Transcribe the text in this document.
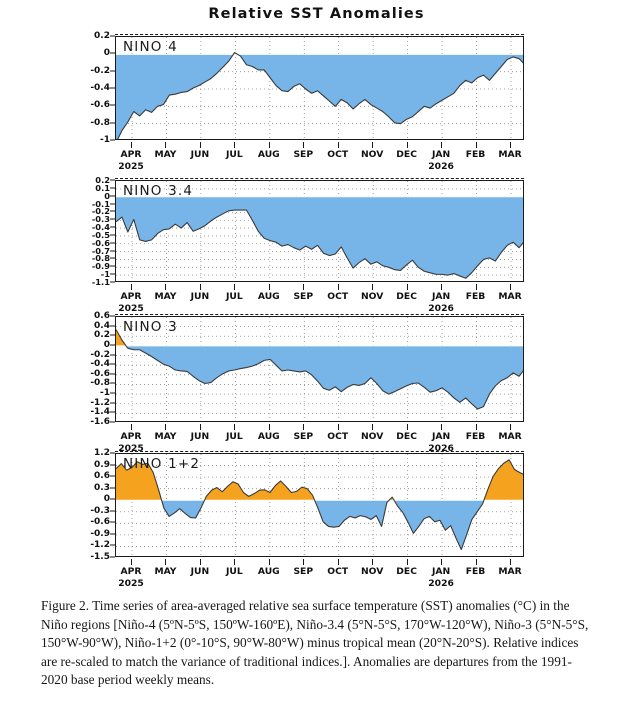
Relative SST Anomalies
NINO 4
0.2
0
-0.2
-0.4
-0.6
-0.8
-1
NINO 3.4
0.2
0.1
0
-0.1
-0.2
-0.3
-0.4
-0.5
-0.6
-0.7
-0.8
-0.9
-1
-1.1
NINO 3
0.6
0.4
0.2
0
-0.2
-0.4
-0.6
-0.8
-1
-1.2
-1.4
-1.6
NINO 1+2
1.2
0.9
0.6
0.3
0
-0.3
-0.6
-0.9
-1.2
-1.5
APR
2025
MAY JUN JUL AUG SEP OCT NOV DEC	JAN
2026
FEB MAR
APR
2025
MAY JUN JUL AUG SEP OCT NOV DEC	JAN
2026
FEB MAR
APR
2025
MAY JUN JUL AUG SEP OCT NOV DEC	JAN
2026
FEB MAR
APR
2025
MAY JUN JUL AUG SEP OCT NOV DEC	JAN
2026
FEB MAR
Figure 2. Time series of area-averaged relative sea surface temperature (SST) anomalies (°C) in the Niño regions [Niño-4 (5ºN-5ºS, 150ºW-160ºE), Niño-3.4 (5°N-5°S, 170°W-120°W), Niño-3 (5°N-5°S, 150°W-90°W), Niño-1+2 (0°-10°S, 90°W-80°W) minus tropical mean (20°N-20°S). Relative indices are re-scaled to match the variance of traditional indices.]. Anomalies are departures from the 1991-2020 base period weekly means.
